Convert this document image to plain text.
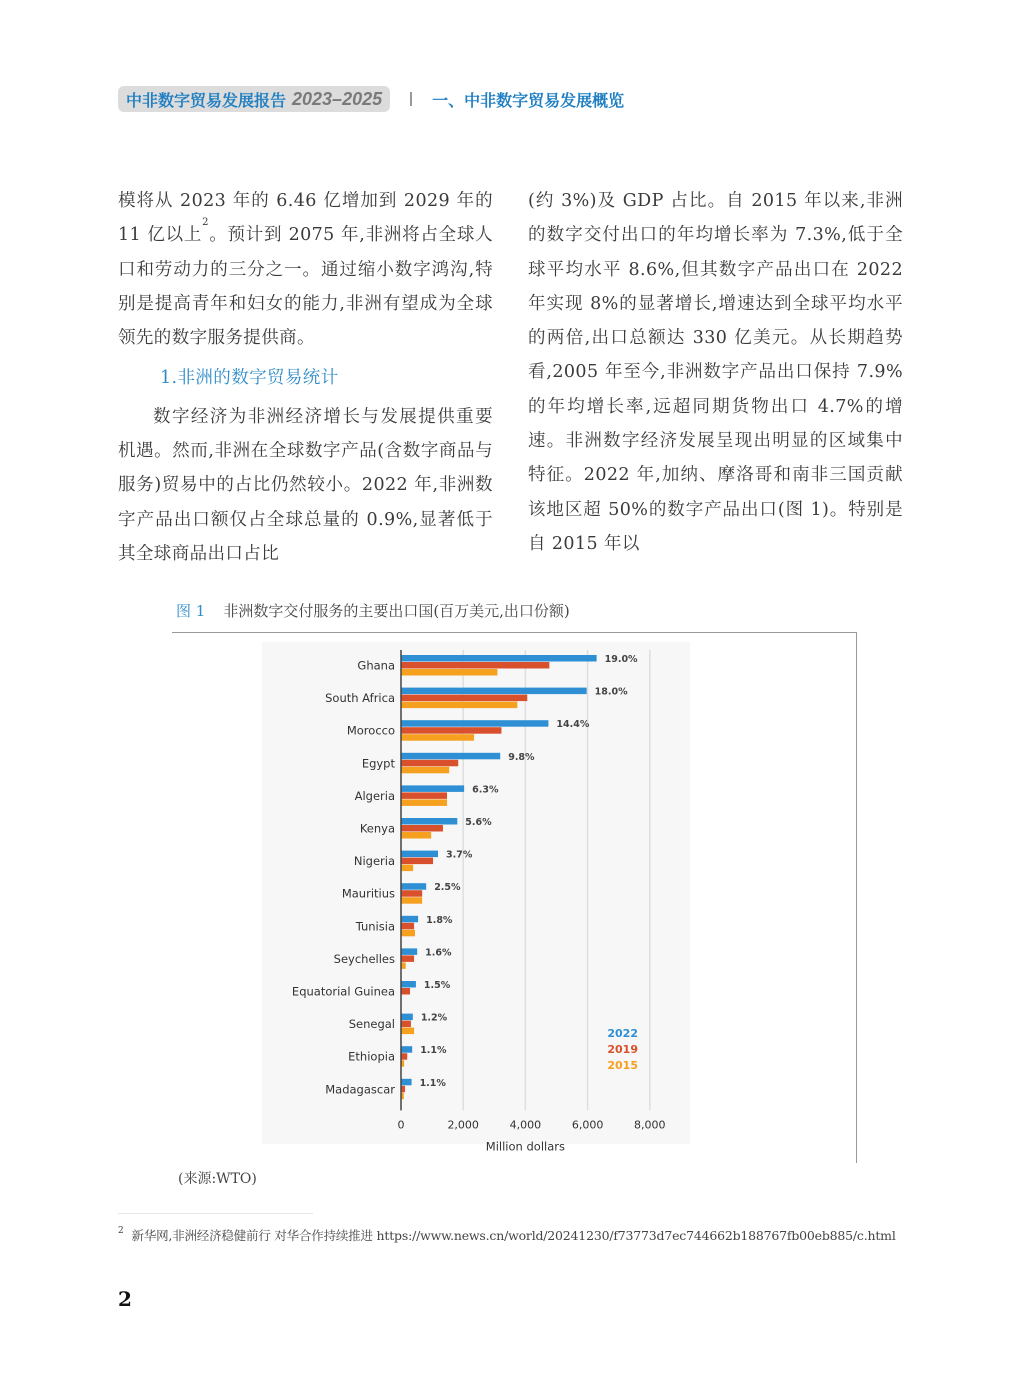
中非数字贸易发展报告 2023–2025	一、中非数字贸易发展概览

模将从 2023 年的 6.46 亿增加到 2029 年的 11 亿以上$^2$。预计到 2075 年,非洲将占全球人口和劳动力的三分之一。通过缩小数字鸿沟,特别是提高青年和妇女的能力,非洲有望成为全球领先的数字服务提供商。

1.非洲的数字贸易统计

数字经济为非洲经济增长与发展提供重要机遇。然而,非洲在全球数字产品(含数字商品与服务)贸易中的占比仍然较小。2022 年,非洲数字产品出口额仅占全球总量的 0.9%,显著低于其全球商品出口占比

(约 3%)及 GDP 占比。自 2015 年以来,非洲的数字交付出口的年均增长率为 7.3%,低于全球平均水平 8.6%,但其数字产品出口在 2022 年实现 8%的显著增长,增速达到全球平均水平的两倍,出口总额达 330 亿美元。从长期趋势看,2005 年至今,非洲数字产品出口保持 7.9%的年均增长率,远超同期货物出口 4.7%的增速。非洲数字经济发展呈现出明显的区域集中特征。2022 年,加纳、摩洛哥和南非三国贡献该地区超 50%的数字产品出口(图 1)。特别是自 2015 年以

图 1 非洲数字交付服务的主要出口国(百万美元,出口份额)
0	2,000	4,000	6,000	8,000
Ghana	19.0%
South Africa	18.0%
Morocco	14.4%
Egypt	9.8%
Algeria	6.3%
Kenya	5.6%
Nigeria	3.7%
Mauritius	2.5%
Tunisia	1.8%
Seychelles	1.6%
Equatorial Guinea	1.5%
Senegal	1.2%
Ethiopia	1.1%
Madagascar	1.1%
Million dollars
2022
2019
2015
(来源:WTO)
$^2$ 新华网,非洲经济稳健前行 对华合作持续推进 https://www.news.cn/world/20241230/f73773d7ec744662b188767fb00eb885/c.html
2
